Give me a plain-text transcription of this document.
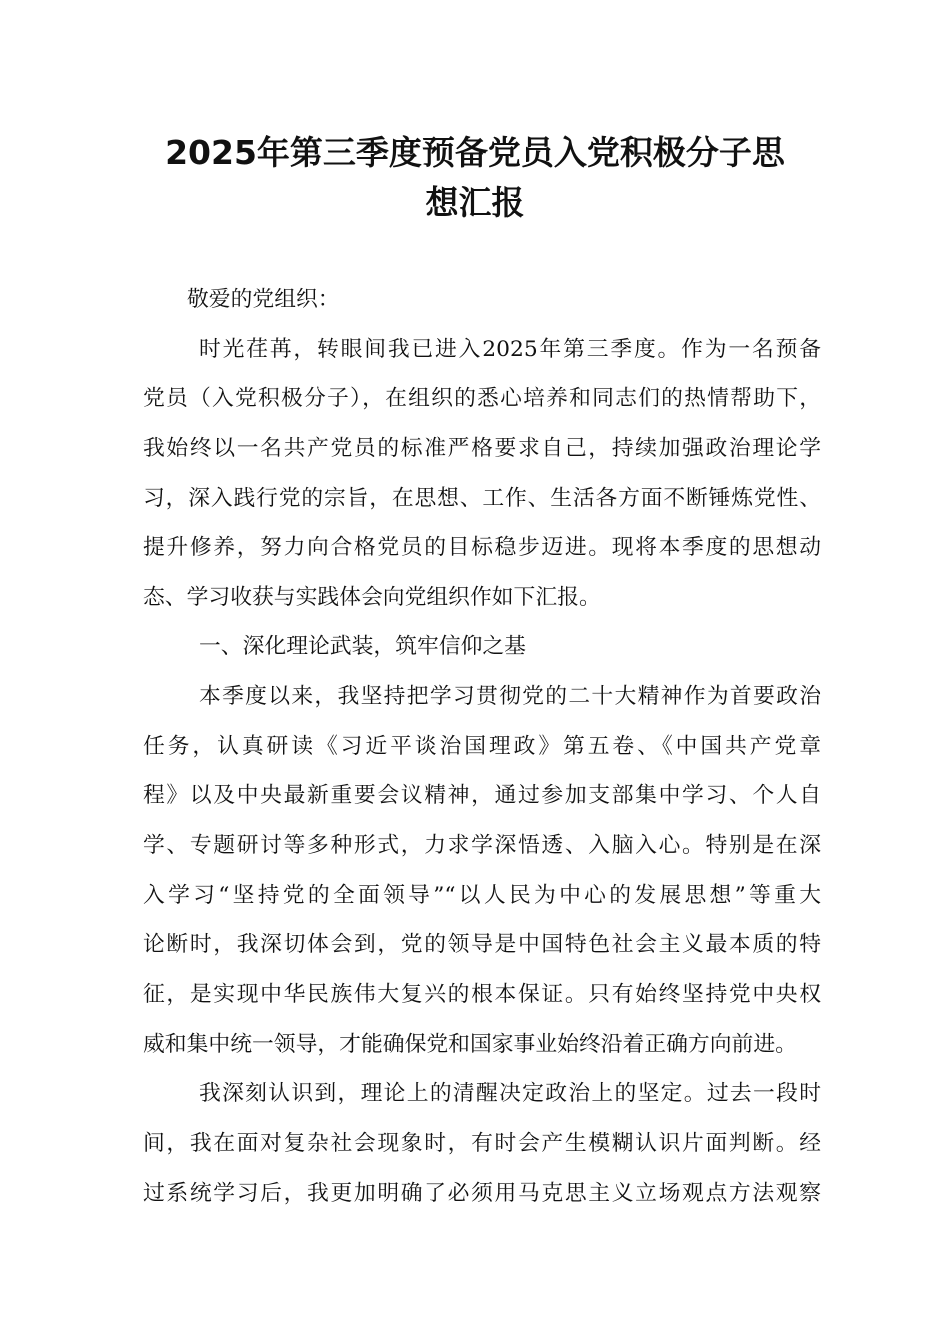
2025年第三季度预备党员入党积极分子思
想汇报
敬爱的党组织：
时光荏苒，转眼间我已进入2025年第三季度。作为一名预备
党员（入党积极分子），在组织的悉心培养和同志们的热情帮助下，
我始终以一名共产党员的标准严格要求自己，持续加强政治理论学
习，深入践行党的宗旨，在思想、工作、生活各方面不断锤炼党性、
提升修养，努力向合格党员的目标稳步迈进。现将本季度的思想动
态、学习收获与实践体会向党组织作如下汇报。
一、深化理论武装，筑牢信仰之基
本季度以来，我坚持把学习贯彻党的二十大精神作为首要政治
任务，认真研读《习近平谈治国理政》第五卷、《中国共产党章
程》以及中央最新重要会议精神，通过参加支部集中学习、个人自
学、专题研讨等多种形式，力求学深悟透、入脑入心。特别是在深
入学习“坚持党的全面领导”“以人民为中心的发展思想”等重大
论断时，我深切体会到，党的领导是中国特色社会主义最本质的特
征，是实现中华民族伟大复兴的根本保证。只有始终坚持党中央权
威和集中统一领导，才能确保党和国家事业始终沿着正确方向前进。
我深刻认识到，理论上的清醒决定政治上的坚定。过去一段时
间，我在面对复杂社会现象时，有时会产生模糊认识片面判断。经
过系统学习后，我更加明确了必须用马克思主义立场观点方法观察
